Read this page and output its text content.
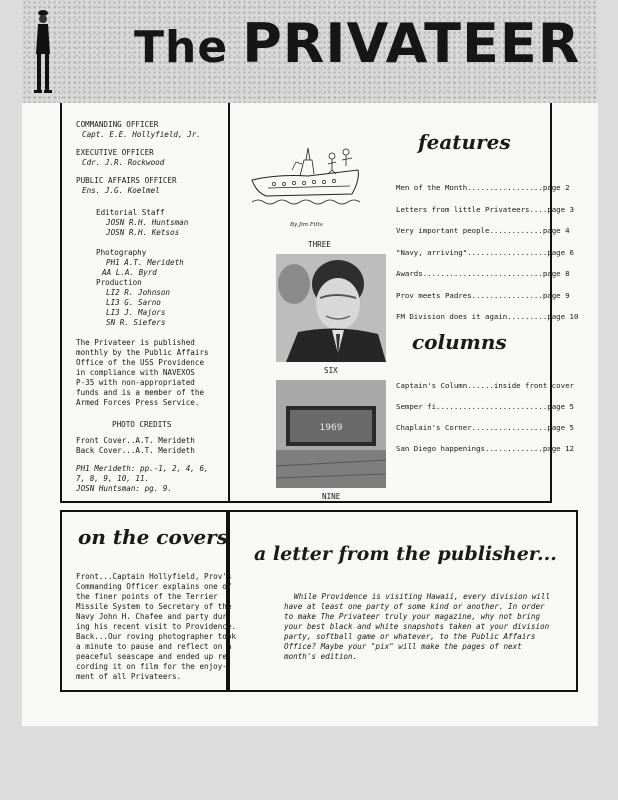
The PRIVATEER
COMMANDING OFFICER
Capt. E.E. Hollyfield, Jr.
EXECUTIVE OFFICER
Cdr. J.R. Rockwood
PUBLIC AFFAIRS OFFICER
Ens. J.G. Koelmel
Editorial Staff
JOSN R.H. Huntsman
JOSN R.H. Ketsos
Photography
PH1 A.T. Merideth
AA L.A. Byrd
Production
LI2 R. Johnson
LI3 G. Sarno
LI3 J. Majors
SN R. Siefers
The Privateer is published
monthly by the Public Affairs
Office of the USS Providence
in compliance with NAVEXOS
P-35 with non-appropriated
funds and is a member of the
Armed Forces Press Service.
PHOTO CREDITS
Front Cover..A.T. Merideth
Back Cover...A.T. Merideth
PH1 Merideth: pp.-1, 2, 4, 6,
7, 8, 9, 10, 11.
JOSN Huntsman: pg. 9.
By Jim Fitts
THREE
SIX
1969
NINE
features
Men of the Month.................page 2
Letters from little Privateers....page 3
Very important people............page 4
"Navy, arriving"..................page 6
Awards...........................page 8
Prov meets Padres................page 9
FM Division does it again.........page 10
columns
Captain's Column......inside front cover
Semper fi.........................page 5
Chaplain's Corner.................page 5
San Diego happenings.............page 12
on the covers
Front...Captain Hollyfield, Prov's
Commanding Officer explains one of
the finer points of the Terrier
Missile System to Secretary of the
Navy John H. Chafee and party dur-
ing his recent visit to Providence.
Back...Our roving photographer took
a minute to pause and reflect on a
peaceful seascape and ended up re-
cording it on film for the enjoy-
ment of all Privateers.
a letter from the publisher...
While Providence is visiting Hawaii, every division will
have at least one party of some kind or another. In order
to make The Privateer truly your magazine, why not bring
your best black and white snapshots taken at your division
party, softball game or whatever, to the Public Affairs
Office? Maybe your "pix" will make the pages of next
month's edition.
